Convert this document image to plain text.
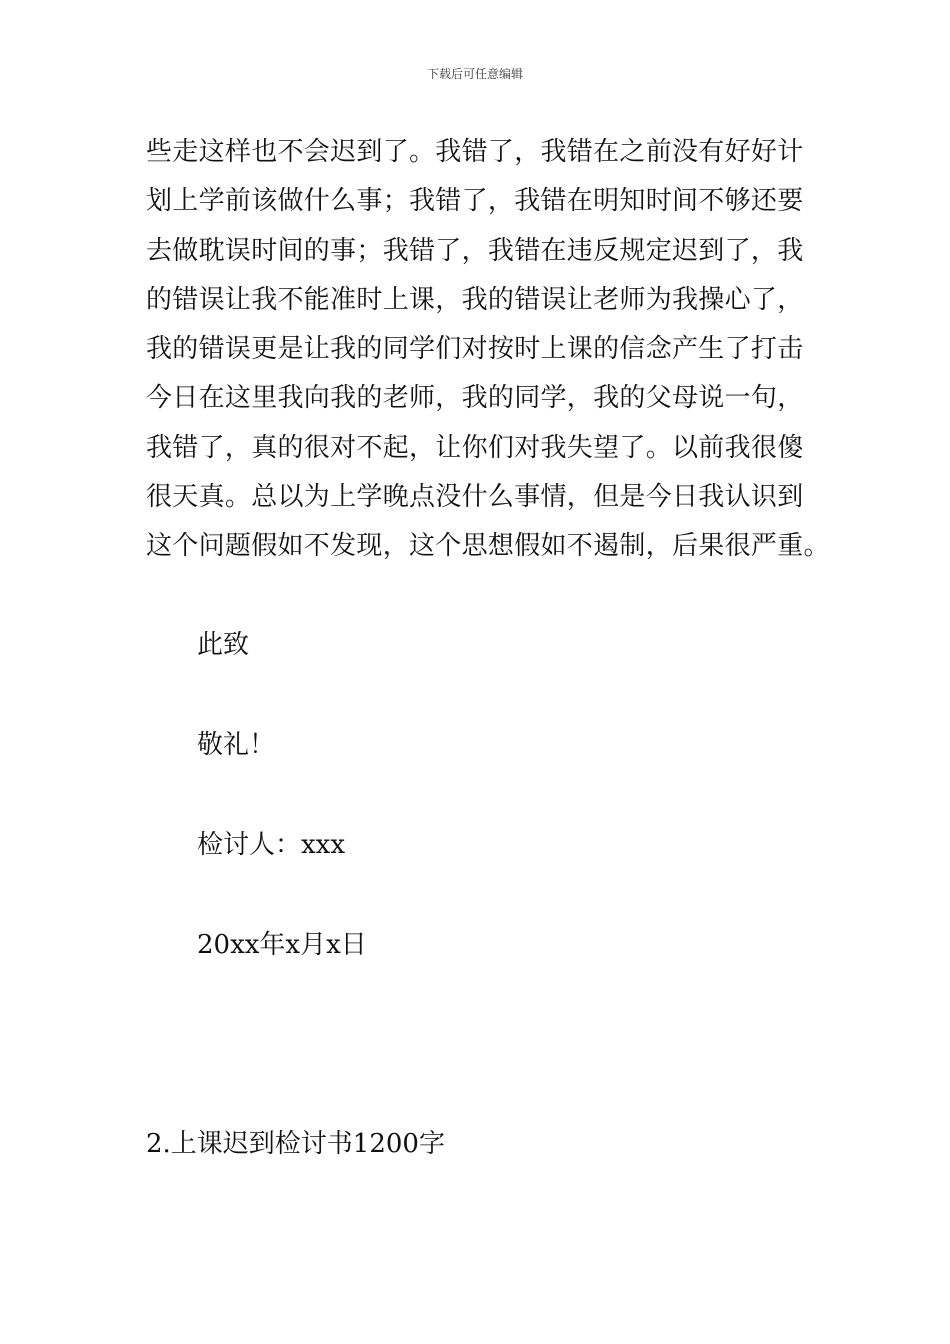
下载后可任意编辑
些走这样也不会迟到了。我错了，我错在之前没有好好计
划上学前该做什么事；我错了，我错在明知时间不够还要
去做耽误时间的事；我错了，我错在违反规定迟到了，我
的错误让我不能准时上课，我的错误让老师为我操心了，
我的错误更是让我的同学们对按时上课的信念产生了打击
今日在这里我向我的老师，我的同学，我的父母说一句，
我错了，真的很对不起，让你们对我失望了。以前我很傻
很天真。总以为上学晚点没什么事情，但是今日我认识到
这个问题假如不发现，这个思想假如不遏制，后果很严重。
此致
敬礼！
检讨人：xxx
20xx年x月x日
2.上课迟到检讨书1200字
